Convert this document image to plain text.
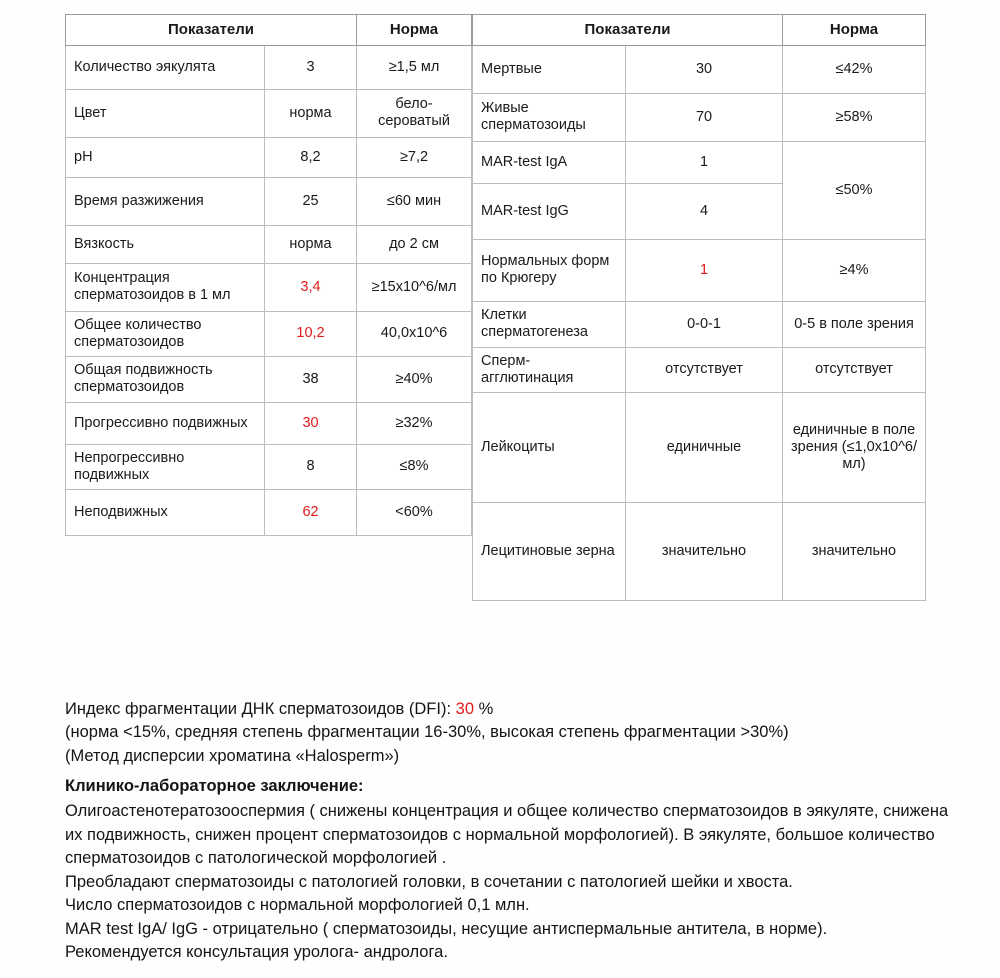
Показатели		Норма
Количество эякулята	3	≥1,5 мл
Цвет	норма	бело-сероватый
pH	8,2	≥7,2
Время разжижения	25	≤60 мин
Вязкость	норма	до 2 см
Концентрация сперматозоидов в 1 мл	3,4	≥15x10^6/мл
Общее количество сперматозоидов	10,2	40,0x10^6
Общая подвижность сперматозоидов	38	≥40%
Прогрессивно подвижных	30	≥32%
Непрогрессивно подвижных	8	≤8%
Неподвижных	62	<60%
Показатели		Норма
Мертвые	30	≤42%
Живые сперматозоиды	70	≥58%
MAR-test IgA	1	≤50%
MAR-test IgG	4	
Нормальных форм по Крюгеру	1	≥4%
Клетки сперматогенеза	0-0-1	0-5 в поле зрения
Сперм-агглютинация	отсутствует	отсутствует
Лейкоциты	единичные	единичные в поле зрения (≤1,0x10^6/мл)
Лецитиновые зерна	значительно	значительно
Индекс фрагментации ДНК сперматозоидов (DFI): 30 %
(норма <15%, средняя степень фрагментации 16-30%, высокая степень фрагментации >30%)
(Метод дисперсии хроматина «Halosperm»)
Клинико-лабораторное заключение:

Олигоастенотератозооспермия ( снижены концентрация и общее количество сперматозоидов в эякуляте, снижена их подвижность, снижен процент сперматозоидов с нормальной морфологией). В эякуляте, большое количество сперматозоидов с патологической морфологией .

Преобладают сперматозоиды с патологией головки, в сочетании с патологией шейки и хвоста.

Число сперматозоидов с нормальной морфологией 0,1 млн.

MAR test IgA/ IgG - отрицательно ( сперматозоиды, несущие антиспермальные антитела, в норме).

Рекомендуется консультация уролога- андролога.
